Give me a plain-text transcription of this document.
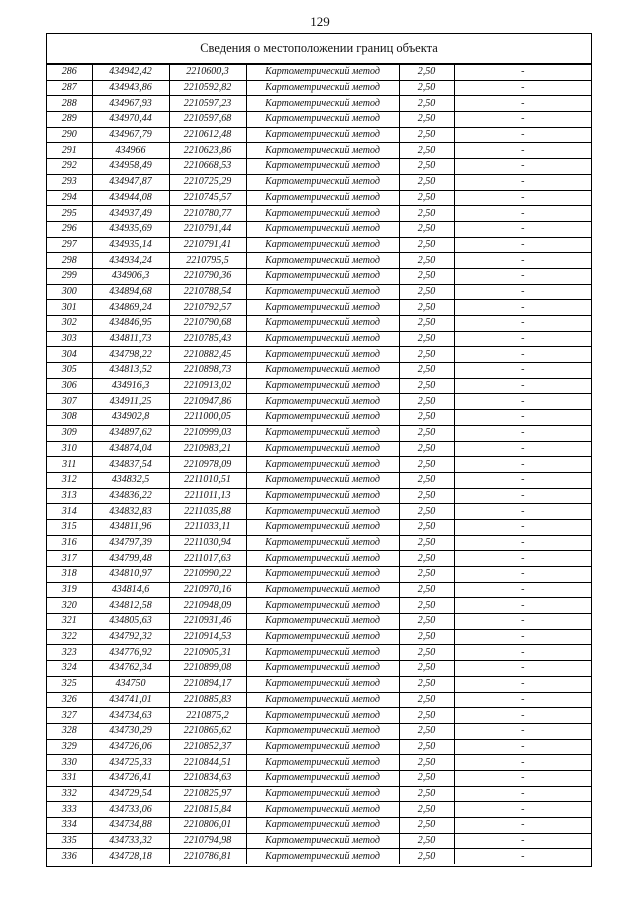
129
Сведения о местоположении границ объекта
286	434942,42	2210600,3	Картометрический метод	2,50	-
287	434943,86	2210592,82	Картометрический метод	2,50	-
288	434967,93	2210597,23	Картометрический метод	2,50	-
289	434970,44	2210597,68	Картометрический метод	2,50	-
290	434967,79	2210612,48	Картометрический метод	2,50	-
291	434966	2210623,86	Картометрический метод	2,50	-
292	434958,49	2210668,53	Картометрический метод	2,50	-
293	434947,87	2210725,29	Картометрический метод	2,50	-
294	434944,08	2210745,57	Картометрический метод	2,50	-
295	434937,49	2210780,77	Картометрический метод	2,50	-
296	434935,69	2210791,44	Картометрический метод	2,50	-
297	434935,14	2210791,41	Картометрический метод	2,50	-
298	434934,24	2210795,5	Картометрический метод	2,50	-
299	434906,3	2210790,36	Картометрический метод	2,50	-
300	434894,68	2210788,54	Картометрический метод	2,50	-
301	434869,24	2210792,57	Картометрический метод	2,50	-
302	434846,95	2210790,68	Картометрический метод	2,50	-
303	434811,73	2210785,43	Картометрический метод	2,50	-
304	434798,22	2210882,45	Картометрический метод	2,50	-
305	434813,52	2210898,73	Картометрический метод	2,50	-
306	434916,3	2210913,02	Картометрический метод	2,50	-
307	434911,25	2210947,86	Картометрический метод	2,50	-
308	434902,8	2211000,05	Картометрический метод	2,50	-
309	434897,62	2210999,03	Картометрический метод	2,50	-
310	434874,04	2210983,21	Картометрический метод	2,50	-
311	434837,54	2210978,09	Картометрический метод	2,50	-
312	434832,5	2211010,51	Картометрический метод	2,50	-
313	434836,22	2211011,13	Картометрический метод	2,50	-
314	434832,83	2211035,88	Картометрический метод	2,50	-
315	434811,96	2211033,11	Картометрический метод	2,50	-
316	434797,39	2211030,94	Картометрический метод	2,50	-
317	434799,48	2211017,63	Картометрический метод	2,50	-
318	434810,97	2210990,22	Картометрический метод	2,50	-
319	434814,6	2210970,16	Картометрический метод	2,50	-
320	434812,58	2210948,09	Картометрический метод	2,50	-
321	434805,63	2210931,46	Картометрический метод	2,50	-
322	434792,32	2210914,53	Картометрический метод	2,50	-
323	434776,92	2210905,31	Картометрический метод	2,50	-
324	434762,34	2210899,08	Картометрический метод	2,50	-
325	434750	2210894,17	Картометрический метод	2,50	-
326	434741,01	2210885,83	Картометрический метод	2,50	-
327	434734,63	2210875,2	Картометрический метод	2,50	-
328	434730,29	2210865,62	Картометрический метод	2,50	-
329	434726,06	2210852,37	Картометрический метод	2,50	-
330	434725,33	2210844,51	Картометрический метод	2,50	-
331	434726,41	2210834,63	Картометрический метод	2,50	-
332	434729,54	2210825,97	Картометрический метод	2,50	-
333	434733,06	2210815,84	Картометрический метод	2,50	-
334	434734,88	2210806,01	Картометрический метод	2,50	-
335	434733,32	2210794,98	Картометрический метод	2,50	-
336	434728,18	2210786,81	Картометрический метод	2,50	-
